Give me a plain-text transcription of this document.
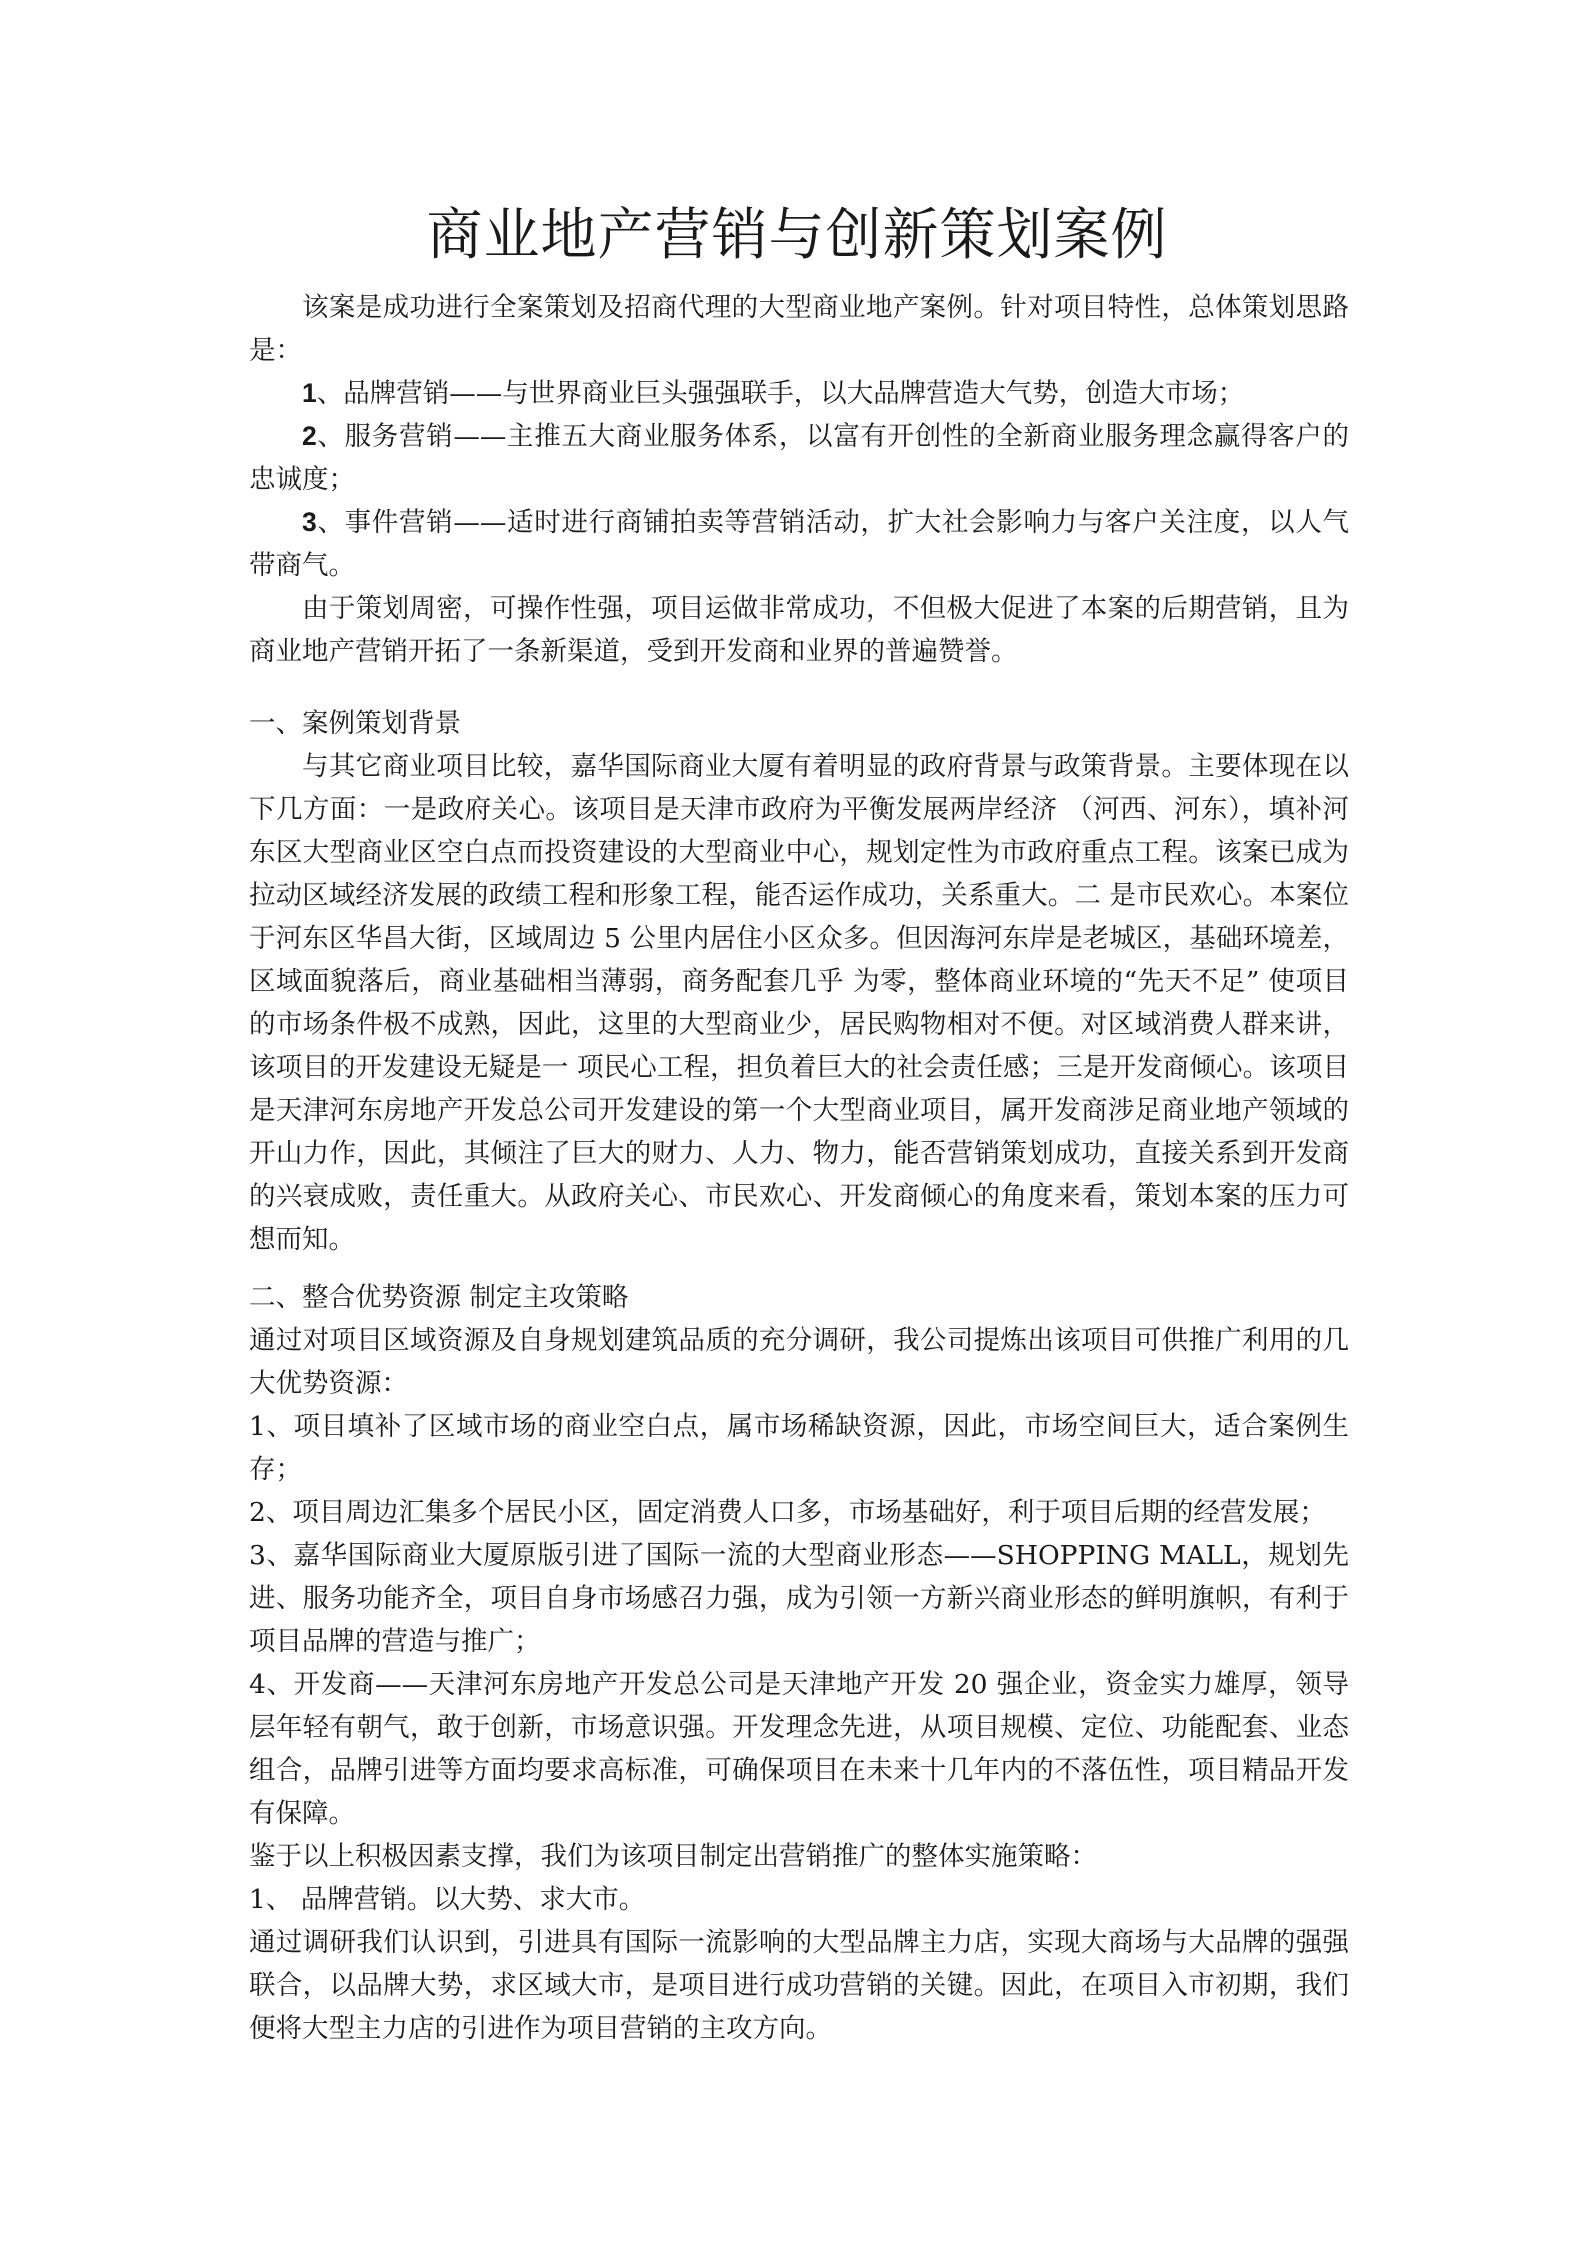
商业地产营销与创新策划案例

该案是成功进行全案策划及招商代理的大型商业地产案例。针对项目特性，总体策划思路是：

1、品牌营销——与世界商业巨头强强联手，以大品牌营造大气势，创造大市场；

2、服务营销——主推五大商业服务体系，以富有开创性的全新商业服务理念赢得客户的忠诚度；

3、事件营销——适时进行商铺拍卖等营销活动，扩大社会影响力与客户关注度，以人气带商气。

由于策划周密，可操作性强，项目运做非常成功，不但极大促进了本案的后期营销，且为商业地产营销开拓了一条新渠道，受到开发商和业界的普遍赞誉。

一、案例策划背景

与其它商业项目比较，嘉华国际商业大厦有着明显的政府背景与政策背景。主要体现在以下几方面：一是政府关心。该项目是天津市政府为平衡发展两岸经济 （河西、河东），填补河东区大型商业区空白点而投资建设的大型商业中心，规划定性为市政府重点工程。该案已成为拉动区域经济发展的政绩工程和形象工程，能否运作成功，关系重大。二 是市民欢心。本案位于河东区华昌大街，区域周边 5 公里内居住小区众多。但因海河东岸是老城区，基础环境差，区域面貌落后，商业基础相当薄弱，商务配套几乎 为零，整体商业环境的“先天不足” 使项目的市场条件极不成熟，因此，这里的大型商业少，居民购物相对不便。对区域消费人群来讲，该项目的开发建设无疑是一 项民心工程，担负着巨大的社会责任感；三是开发商倾心。该项目是天津河东房地产开发总公司开发建设的第一个大型商业项目，属开发商涉足商业地产领域的开山力作，因此，其倾注了巨大的财力、人力、物力，能否营销策划成功，直接关系到开发商的兴衰成败，责任重大。从政府关心、市民欢心、开发商倾心的角度来看，策划本案的压力可想而知。

二、整合优势资源 制定主攻策略

通过对项目区域资源及自身规划建筑品质的充分调研，我公司提炼出该项目可供推广利用的几大优势资源：

1、项目填补了区域市场的商业空白点，属市场稀缺资源，因此，市场空间巨大，适合案例生存；

2、项目周边汇集多个居民小区，固定消费人口多，市场基础好，利于项目后期的经营发展；

3、嘉华国际商业大厦原版引进了国际一流的大型商业形态——SHOPPING MALL，规划先进、服务功能齐全，项目自身市场感召力强，成为引领一方新兴商业形态的鲜明旗帜，有利于项目品牌的营造与推广；

4、开发商——天津河东房地产开发总公司是天津地产开发 20 强企业，资金实力雄厚，领导层年轻有朝气，敢于创新，市场意识强。开发理念先进，从项目规模、定位、功能配套、业态组合，品牌引进等方面均要求高标准，可确保项目在未来十几年内的不落伍性，项目精品开发有保障。

鉴于以上积极因素支撑，我们为该项目制定出营销推广的整体实施策略：

1、 品牌营销。以大势、求大市。

通过调研我们认识到，引进具有国际一流影响的大型品牌主力店，实现大商场与大品牌的强强联合，以品牌大势，求区域大市，是项目进行成功营销的关键。因此，在项目入市初期，我们便将大型主力店的引进作为项目营销的主攻方向。
